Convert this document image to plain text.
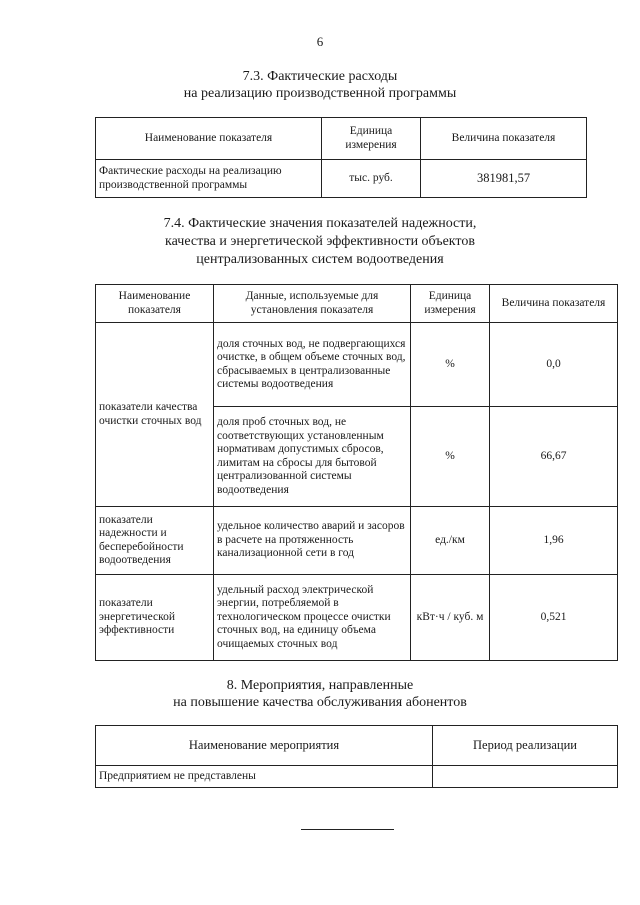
6
7.3. Фактические расходы
на реализацию производственной программы
Наименование показателя	Единица измерения	Величина показателя
Фактические расходы на реализацию производственной программы	тыс. руб.	381981,57
7.4. Фактические значения показателей надежности,
качества и энергетической эффективности объектов
централизованных систем водоотведения
Наименование показателя	Данные, используемые для установления показателя	Единица измерения	Величина показателя
показатели качества очистки сточных вод	доля сточных вод, не подвергающихся очистке, в общем объеме сточных вод, сбрасываемых в централизованные системы водоотведения	%	0,0
	доля проб сточных вод, не соответствующих установленным нормативам допустимых сбросов, лимитам на сбросы для бытовой централизованной системы водоотведения	%	66,67
показатели надежности и бесперебойности водоотведения	удельное количество аварий и засоров в расчете на протяженность канализационной сети в год	ед./км	1,96
показатели энергетической эффективности	удельный расход электрической энергии, потребляемой в технологическом процессе очистки сточных вод, на единицу объема очищаемых сточных вод	кВт·ч / куб. м	0,521
8. Мероприятия, направленные
на повышение качества обслуживания абонентов
Наименование мероприятия	Период реализации
Предприятием не представлены	
